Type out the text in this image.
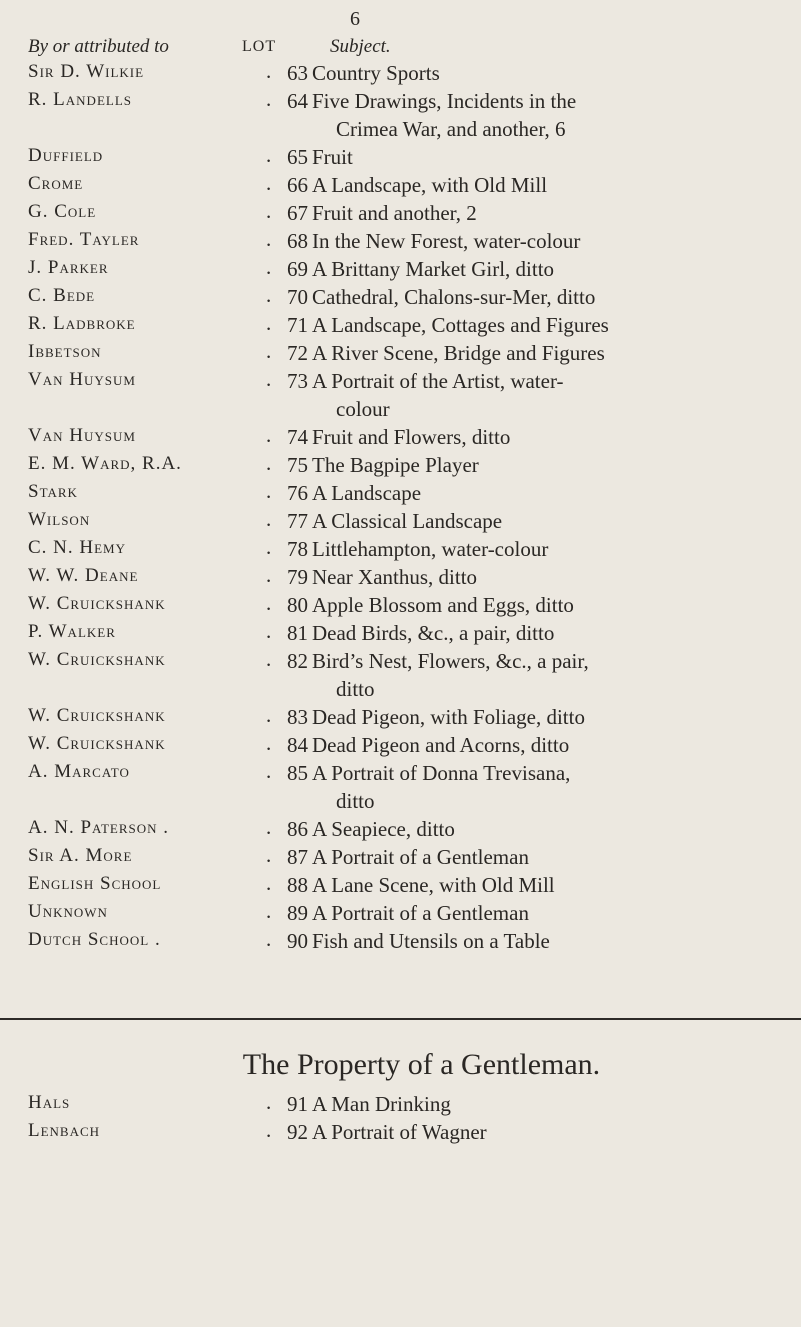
6
By or attributed to	LOT	Subject.
Sir D. Wilkie	. 63 Country Sports
R. Landells	. 64 Five Drawings, Incidents in the
Crimea War, and another, 6
Duffield	. 65 Fruit
Crome	. 66 A Landscape, with Old Mill
G. Cole	. 67 Fruit and another, 2
Fred. Tayler	. 68 In the New Forest, water-colour
J. Parker	. 69 A Brittany Market Girl, ditto
C. Bede	. 70 Cathedral, Chalons-sur-Mer, ditto
R. Ladbroke	. 71 A Landscape, Cottages and Figures
Ibbetson	. 72 A River Scene, Bridge and Figures
Van Huysum	. 73 A Portrait of the Artist, water-
colour
Van Huysum	. 74 Fruit and Flowers, ditto
E. M. Ward, R.A.	. 75 The Bagpipe Player
Stark	. 76 A Landscape
Wilson	. 77 A Classical Landscape
C. N. Hemy	. 78 Littlehampton, water-colour
W. W. Deane	. 79 Near Xanthus, ditto
W. Cruickshank	. 80 Apple Blossom and Eggs, ditto
P. Walker	. 81 Dead Birds, &c., a pair, ditto
W. Cruickshank	. 82 Bird’s Nest, Flowers, &c., a pair,
ditto
W. Cruickshank	. 83 Dead Pigeon, with Foliage, ditto
W. Cruickshank	. 84 Dead Pigeon and Acorns, ditto
A. Marcato	. 85 A Portrait of Donna Trevisana,
ditto
A. N. Paterson .	. 86 A Seapiece, ditto
Sir A. More	. 87 A Portrait of a Gentleman
English School	. 88 A Lane Scene, with Old Mill
Unknown	. 89 A Portrait of a Gentleman
Dutch School .	. 90 Fish and Utensils on a Table
The Property of a Gentleman.
Hals	. 91 A Man Drinking
Lenbach	. 92 A Portrait of Wagner
